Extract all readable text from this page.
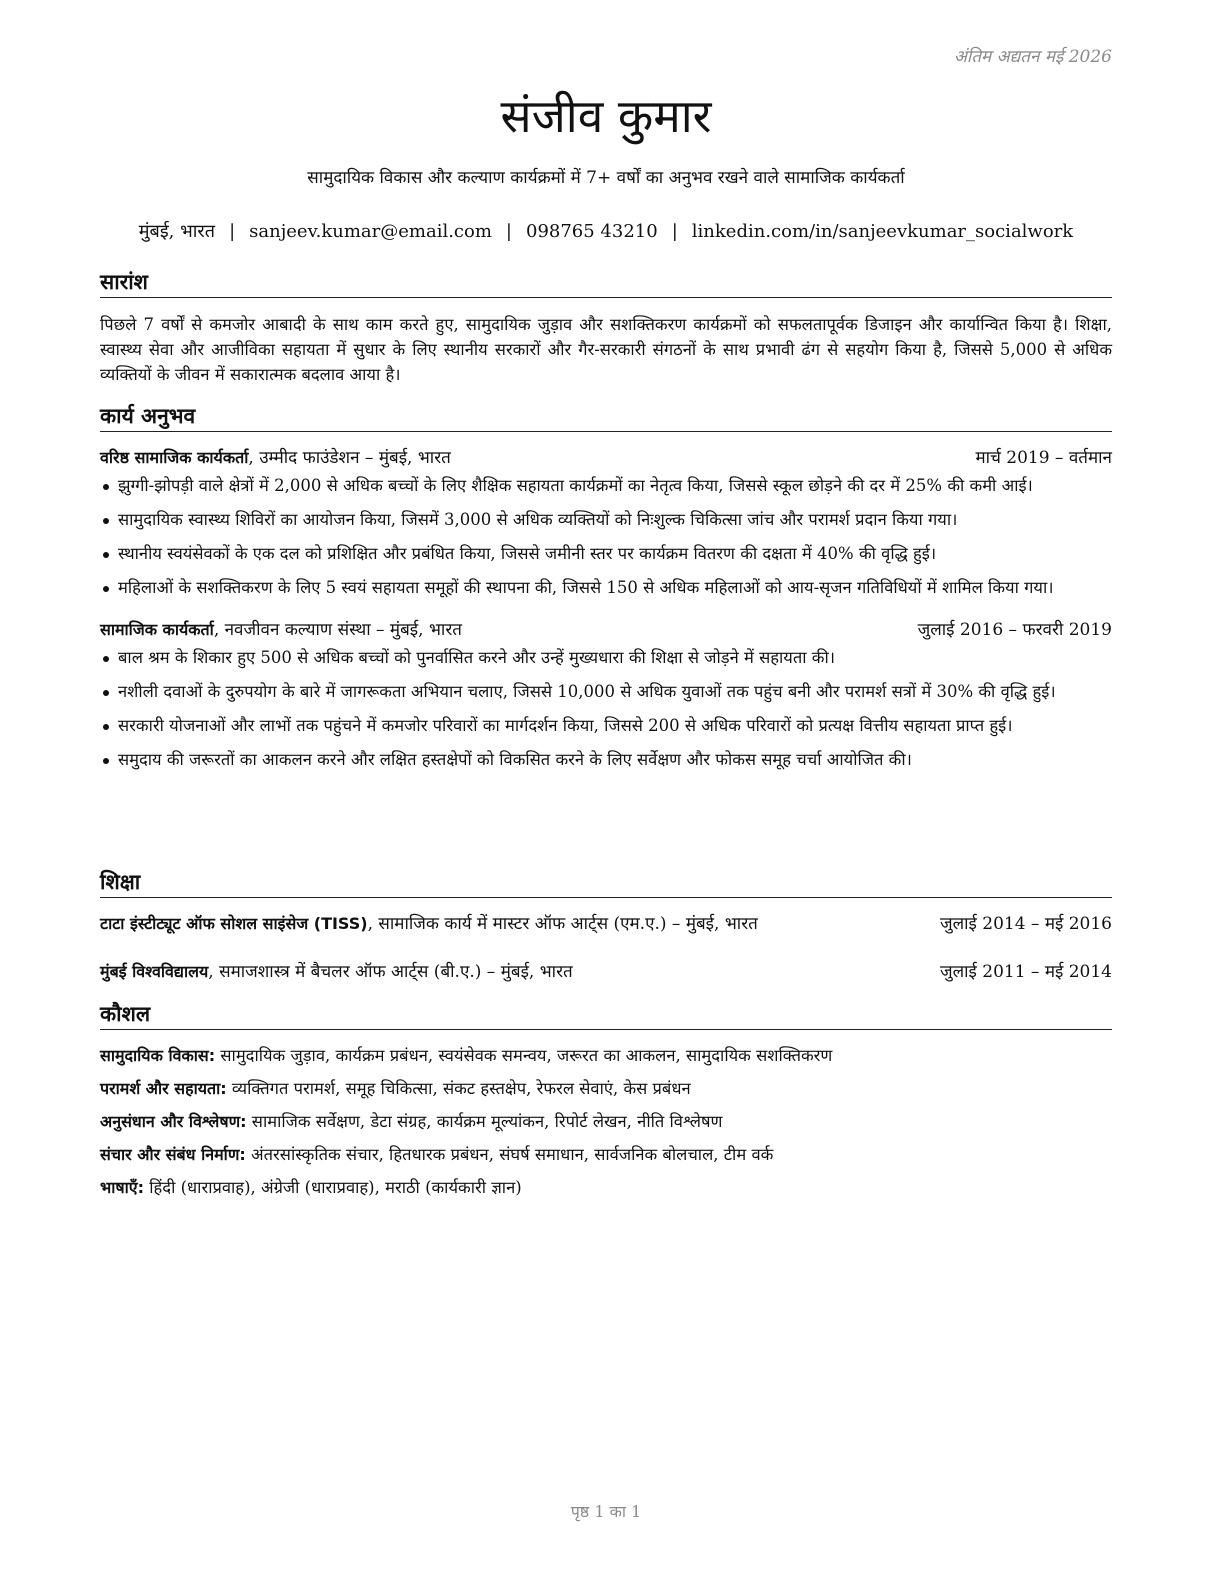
अंतिम अद्यतन मई 2026
संजीव कुमार
सामुदायिक विकास और कल्याण कार्यक्रमों में 7+ वर्षों का अनुभव रखने वाले सामाजिक कार्यकर्ता
मुंबई, भारत | sanjeev.kumar@email.com | 098765 43210 | linkedin.com/in/sanjeevkumar_socialwork
सारांश
पिछले 7 वर्षों से कमजोर आबादी के साथ काम करते हुए, सामुदायिक जुड़ाव और सशक्तिकरण कार्यक्रमों को सफलतापूर्वक डिजाइन और कार्यान्वित किया है। शिक्षा, स्वास्थ्य सेवा और आजीविका सहायता में सुधार के लिए स्थानीय सरकारों और गैर-सरकारी संगठनों के साथ प्रभावी ढंग से सहयोग किया है, जिससे 5,000 से अधिक व्यक्तियों के जीवन में सकारात्मक बदलाव आया है।
कार्य अनुभव
वरिष्ठ सामाजिक कार्यकर्ता, उम्मीद फाउंडेशन – मुंबई, भारत	मार्च 2019 – वर्तमान
झुग्गी-झोपड़ी वाले क्षेत्रों में 2,000 से अधिक बच्चों के लिए शैक्षिक सहायता कार्यक्रमों का नेतृत्व किया, जिससे स्कूल छोड़ने की दर में 25% की कमी आई।
सामुदायिक स्वास्थ्य शिविरों का आयोजन किया, जिसमें 3,000 से अधिक व्यक्तियों को निःशुल्क चिकित्सा जांच और परामर्श प्रदान किया गया।
स्थानीय स्वयंसेवकों के एक दल को प्रशिक्षित और प्रबंधित किया, जिससे जमीनी स्तर पर कार्यक्रम वितरण की दक्षता में 40% की वृद्धि हुई।
महिलाओं के सशक्तिकरण के लिए 5 स्वयं सहायता समूहों की स्थापना की, जिससे 150 से अधिक महिलाओं को आय-सृजन गतिविधियों में शामिल किया गया।
सामाजिक कार्यकर्ता, नवजीवन कल्याण संस्था – मुंबई, भारत	जुलाई 2016 – फरवरी 2019
बाल श्रम के शिकार हुए 500 से अधिक बच्चों को पुनर्वासित करने और उन्हें मुख्यधारा की शिक्षा से जोड़ने में सहायता की।
नशीली दवाओं के दुरुपयोग के बारे में जागरूकता अभियान चलाए, जिससे 10,000 से अधिक युवाओं तक पहुंच बनी और परामर्श सत्रों में 30% की वृद्धि हुई।
सरकारी योजनाओं और लाभों तक पहुंचने में कमजोर परिवारों का मार्गदर्शन किया, जिससे 200 से अधिक परिवारों को प्रत्यक्ष वित्तीय सहायता प्राप्त हुई।
समुदाय की जरूरतों का आकलन करने और लक्षित हस्तक्षेपों को विकसित करने के लिए सर्वेक्षण और फोकस समूह चर्चा आयोजित की।
शिक्षा
टाटा इंस्टीट्यूट ऑफ सोशल साइंसेज (TISS), सामाजिक कार्य में मास्टर ऑफ आर्ट्स (एम.ए.) – मुंबई, भारत	जुलाई 2014 – मई 2016
मुंबई विश्वविद्यालय, समाजशास्त्र में बैचलर ऑफ आर्ट्स (बी.ए.) – मुंबई, भारत	जुलाई 2011 – मई 2014
कौशल
सामुदायिक विकास: सामुदायिक जुड़ाव, कार्यक्रम प्रबंधन, स्वयंसेवक समन्वय, जरूरत का आकलन, सामुदायिक सशक्तिकरण
परामर्श और सहायता: व्यक्तिगत परामर्श, समूह चिकित्सा, संकट हस्तक्षेप, रेफरल सेवाएं, केस प्रबंधन
अनुसंधान और विश्लेषण: सामाजिक सर्वेक्षण, डेटा संग्रह, कार्यक्रम मूल्यांकन, रिपोर्ट लेखन, नीति विश्लेषण
संचार और संबंध निर्माण: अंतरसांस्कृतिक संचार, हितधारक प्रबंधन, संघर्ष समाधान, सार्वजनिक बोलचाल, टीम वर्क
भाषाएँ: हिंदी (धाराप्रवाह), अंग्रेजी (धाराप्रवाह), मराठी (कार्यकारी ज्ञान)
पृष्ठ 1 का 1
